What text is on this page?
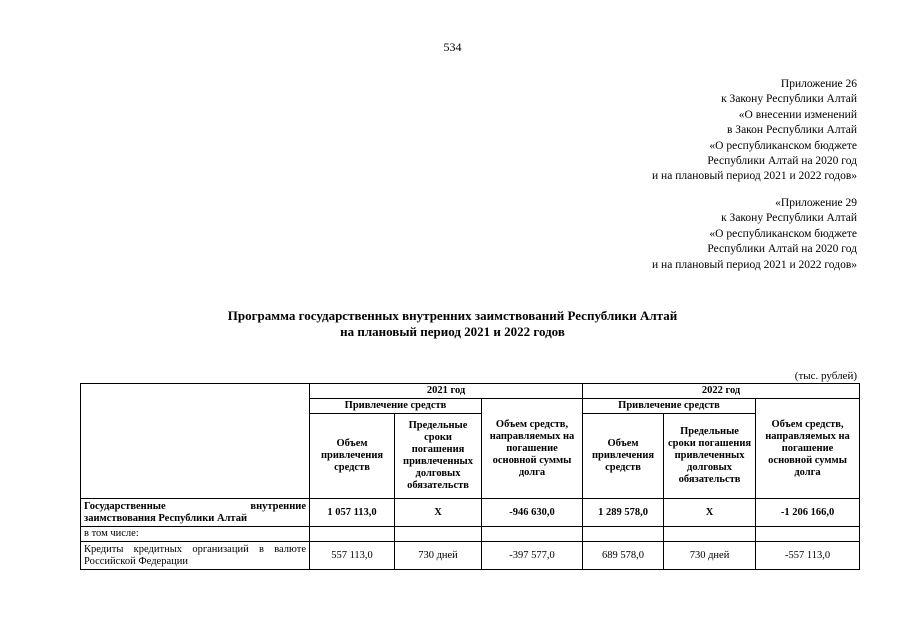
534
Приложение 26
к Закону Республики Алтай
«О внесении изменений
в Закон Республики Алтай
«О республиканском бюджете
Республики Алтай на 2020 год
и на плановый период 2021 и 2022 годов»
«Приложение 29
к Закону Республики Алтай
«О республиканском бюджете
Республики Алтай на 2020 год
и на плановый период 2021 и 2022 годов»
Программа государственных внутренних заимствований Республики Алтай
на плановый период 2021 и 2022 годов
(тыс. рублей)
	2021 год			2022 год		
	Привлечение средств		Объем средств, направляемых на погашение основной суммы долга	Привлечение средств		Объем средств, направляемых на погашение основной суммы долга
	Объем привлечения средств	Предельные сроки погашения привлеченных долговых обязательств		Объем привлечения средств	Предельные сроки погашения привлеченных долговых обязательств	

Государственные внутренние
заимствования Республики Алтай	1 057 113,0	Х	-946 630,0	1 289 578,0	Х	-1 206 166,0
в том числе:						
Кредиты кредитных организаций в валюте Российской Федерации	557 113,0	730 дней	-397 577,0	689 578,0	730 дней	-557 113,0
